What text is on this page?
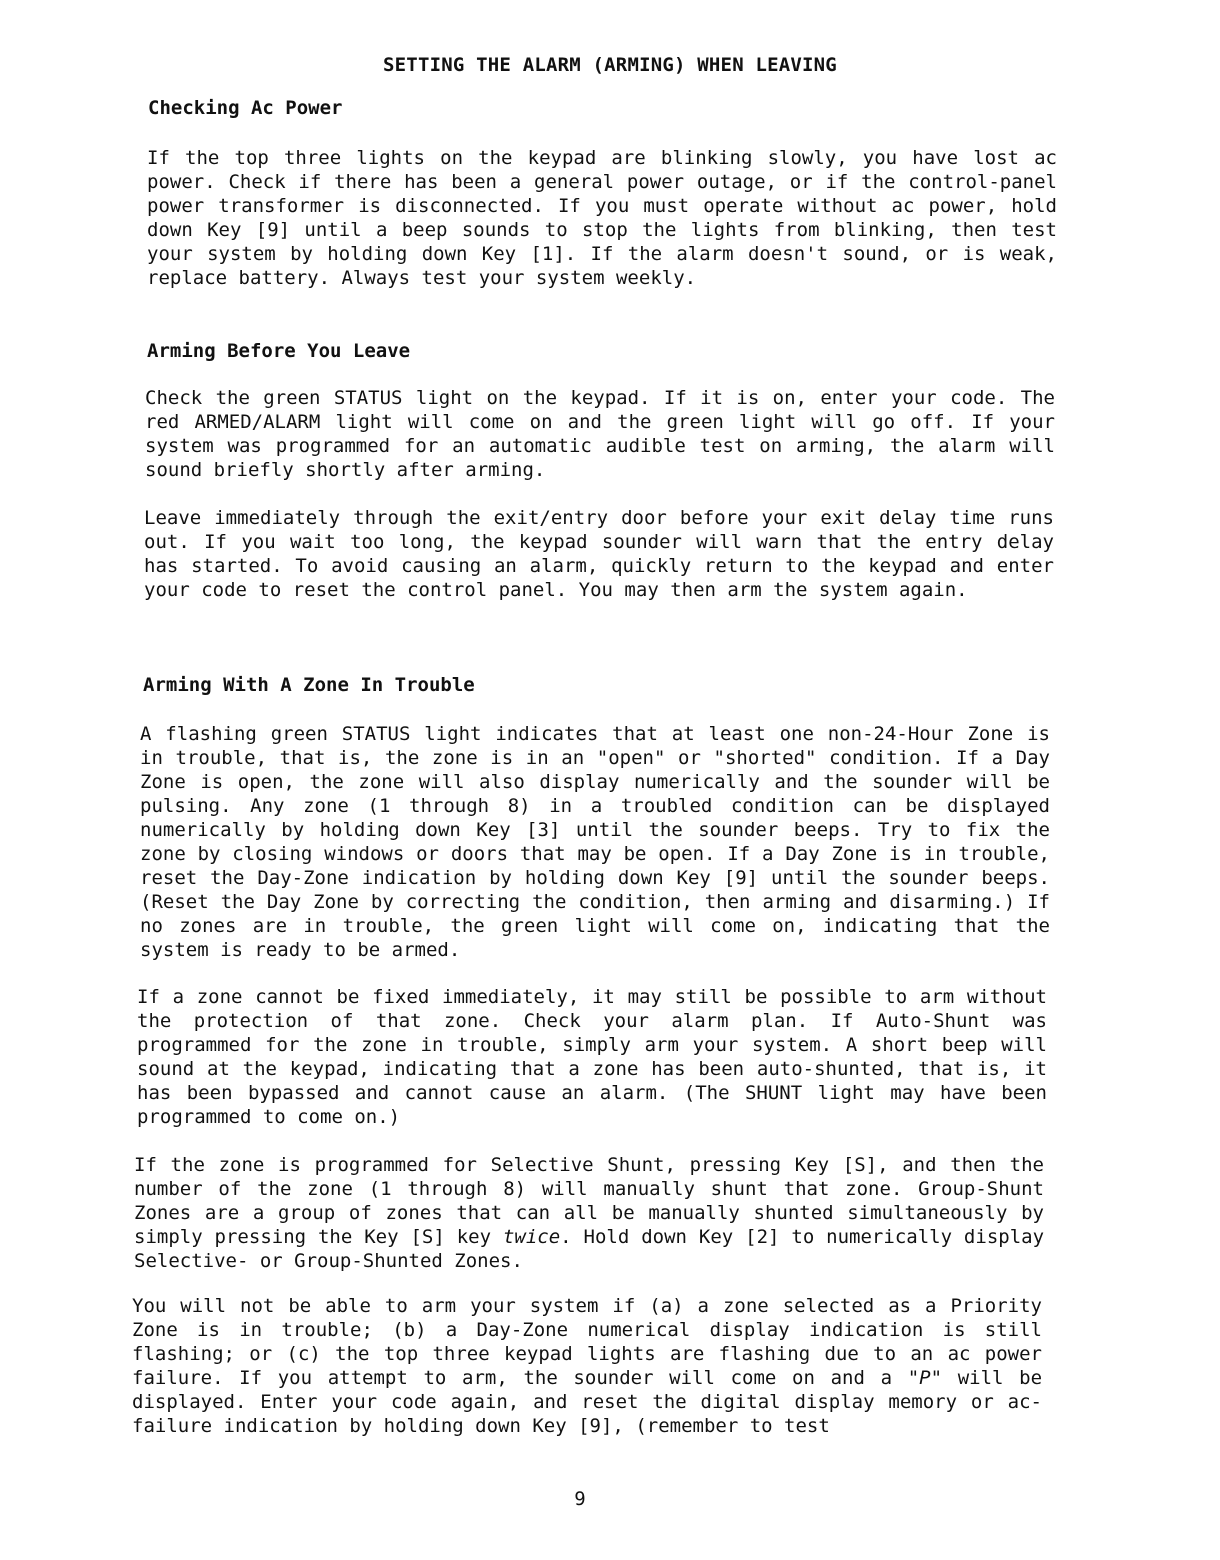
SETTING THE ALARM (ARMING) WHEN LEAVING
Checking Ac Power
If the top three lights on the keypad are blinking slowly, you have lost ac power. Check if there has been a general power outage, or if the control-panel power transformer is disconnected. If you must operate without ac power, hold down Key [9] until a beep sounds to stop the lights from blinking, then test your system by holding down Key [1]. If the alarm doesn't sound, or is weak, replace battery. Always test your system weekly.
Arming Before You Leave
Check the green STATUS light on the keypad. If it is on, enter your code. The red ARMED/ALARM light will come on and the green light will go off. If your system was programmed for an automatic audible test on arming, the alarm will sound briefly shortly after arming.
Leave immediately through the exit/entry door before your exit delay time runs out. If you wait too long, the keypad sounder will warn that the entry delay has started. To avoid causing an alarm, quickly return to the keypad and enter your code to reset the control panel. You may then arm the system again.
Arming With A Zone In Trouble
A flashing green STATUS light indicates that at least one non-24-Hour Zone is in trouble, that is, the zone is in an "open" or "shorted" condition. If a Day Zone is open, the zone will also display numerically and the sounder will be pulsing. Any zone (1 through 8) in a troubled condition can be displayed numerically by holding down Key [3] until the sounder beeps. Try to fix the zone by closing windows or doors that may be open. If a Day Zone is in trouble, reset the Day-Zone indication by holding down Key [9] until the sounder beeps. (Reset the Day Zone by correcting the condition, then arming and disarming.) If no zones are in trouble, the green light will come on, indicating that the system is ready to be armed.
If a zone cannot be fixed immediately, it may still be possible to arm without the protection of that zone. Check your alarm plan. If Auto-Shunt was programmed for the zone in trouble, simply arm your system. A short beep will sound at the keypad, indicating that a zone has been auto-shunted, that is, it has been bypassed and cannot cause an alarm. (The SHUNT light may have been programmed to come on.)
If the zone is programmed for Selective Shunt, pressing Key [S], and then the number of the zone (1 through 8) will manually shunt that zone. Group-Shunt Zones are a group of zones that can all be manually shunted simultaneously by simply pressing the Key [S] key twice. Hold down Key [2] to numerically display Selective- or Group-Shunted Zones.
You will not be able to arm your system if (a) a zone selected as a Priority Zone is in trouble; (b) a Day-Zone numerical display indication is still flashing; or (c) the top three keypad lights are flashing due to an ac power failure. If you attempt to arm, the sounder will come on and a "P" will be displayed. Enter your code again, and reset the digital display memory or ac-failure indication by holding down Key [9], (remember to test
9
